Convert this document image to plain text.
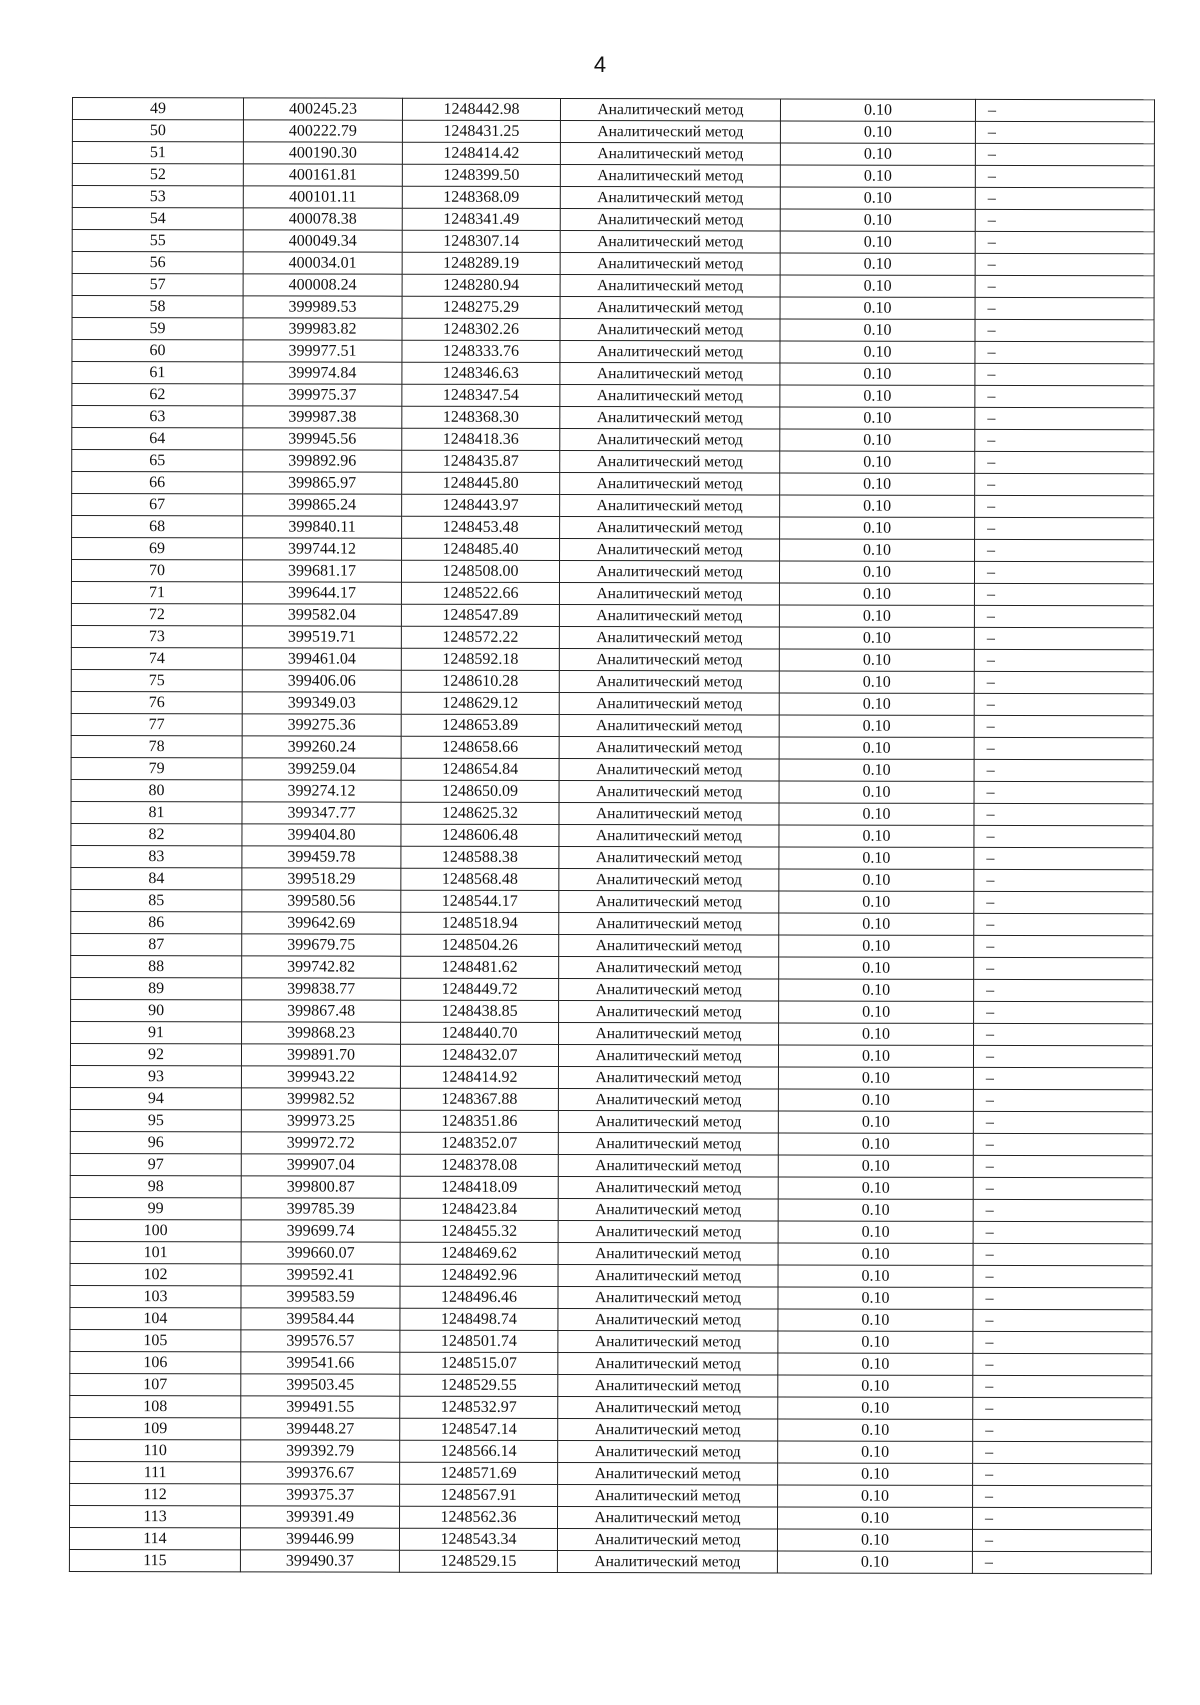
4
49	400245.23	1248442.98	Аналитический метод	0.10	–
50	400222.79	1248431.25	Аналитический метод	0.10	–
51	400190.30	1248414.42	Аналитический метод	0.10	–
52	400161.81	1248399.50	Аналитический метод	0.10	–
53	400101.11	1248368.09	Аналитический метод	0.10	–
54	400078.38	1248341.49	Аналитический метод	0.10	–
55	400049.34	1248307.14	Аналитический метод	0.10	–
56	400034.01	1248289.19	Аналитический метод	0.10	–
57	400008.24	1248280.94	Аналитический метод	0.10	–
58	399989.53	1248275.29	Аналитический метод	0.10	–
59	399983.82	1248302.26	Аналитический метод	0.10	–
60	399977.51	1248333.76	Аналитический метод	0.10	–
61	399974.84	1248346.63	Аналитический метод	0.10	–
62	399975.37	1248347.54	Аналитический метод	0.10	–
63	399987.38	1248368.30	Аналитический метод	0.10	–
64	399945.56	1248418.36	Аналитический метод	0.10	–
65	399892.96	1248435.87	Аналитический метод	0.10	–
66	399865.97	1248445.80	Аналитический метод	0.10	–
67	399865.24	1248443.97	Аналитический метод	0.10	–
68	399840.11	1248453.48	Аналитический метод	0.10	–
69	399744.12	1248485.40	Аналитический метод	0.10	–
70	399681.17	1248508.00	Аналитический метод	0.10	–
71	399644.17	1248522.66	Аналитический метод	0.10	–
72	399582.04	1248547.89	Аналитический метод	0.10	–
73	399519.71	1248572.22	Аналитический метод	0.10	–
74	399461.04	1248592.18	Аналитический метод	0.10	–
75	399406.06	1248610.28	Аналитический метод	0.10	–
76	399349.03	1248629.12	Аналитический метод	0.10	–
77	399275.36	1248653.89	Аналитический метод	0.10	–
78	399260.24	1248658.66	Аналитический метод	0.10	–
79	399259.04	1248654.84	Аналитический метод	0.10	–
80	399274.12	1248650.09	Аналитический метод	0.10	–
81	399347.77	1248625.32	Аналитический метод	0.10	–
82	399404.80	1248606.48	Аналитический метод	0.10	–
83	399459.78	1248588.38	Аналитический метод	0.10	–
84	399518.29	1248568.48	Аналитический метод	0.10	–
85	399580.56	1248544.17	Аналитический метод	0.10	–
86	399642.69	1248518.94	Аналитический метод	0.10	–
87	399679.75	1248504.26	Аналитический метод	0.10	–
88	399742.82	1248481.62	Аналитический метод	0.10	–
89	399838.77	1248449.72	Аналитический метод	0.10	–
90	399867.48	1248438.85	Аналитический метод	0.10	–
91	399868.23	1248440.70	Аналитический метод	0.10	–
92	399891.70	1248432.07	Аналитический метод	0.10	–
93	399943.22	1248414.92	Аналитический метод	0.10	–
94	399982.52	1248367.88	Аналитический метод	0.10	–
95	399973.25	1248351.86	Аналитический метод	0.10	–
96	399972.72	1248352.07	Аналитический метод	0.10	–
97	399907.04	1248378.08	Аналитический метод	0.10	–
98	399800.87	1248418.09	Аналитический метод	0.10	–
99	399785.39	1248423.84	Аналитический метод	0.10	–
100	399699.74	1248455.32	Аналитический метод	0.10	–
101	399660.07	1248469.62	Аналитический метод	0.10	–
102	399592.41	1248492.96	Аналитический метод	0.10	–
103	399583.59	1248496.46	Аналитический метод	0.10	–
104	399584.44	1248498.74	Аналитический метод	0.10	–
105	399576.57	1248501.74	Аналитический метод	0.10	–
106	399541.66	1248515.07	Аналитический метод	0.10	–
107	399503.45	1248529.55	Аналитический метод	0.10	–
108	399491.55	1248532.97	Аналитический метод	0.10	–
109	399448.27	1248547.14	Аналитический метод	0.10	–
110	399392.79	1248566.14	Аналитический метод	0.10	–
111	399376.67	1248571.69	Аналитический метод	0.10	–
112	399375.37	1248567.91	Аналитический метод	0.10	–
113	399391.49	1248562.36	Аналитический метод	0.10	–
114	399446.99	1248543.34	Аналитический метод	0.10	–
115	399490.37	1248529.15	Аналитический метод	0.10	–
